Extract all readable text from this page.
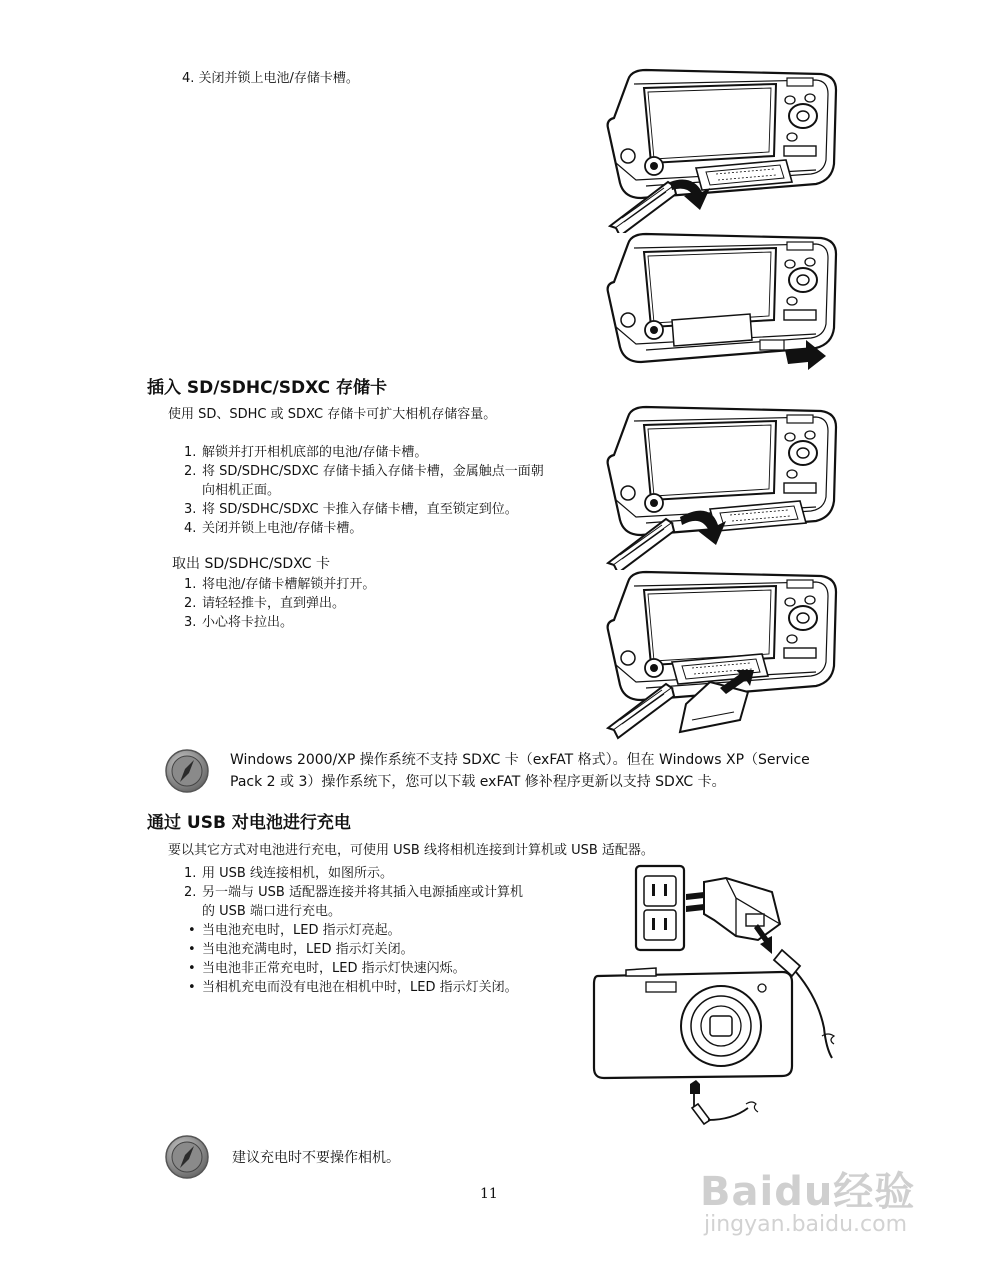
4. 关闭并锁上电池/存储卡槽。
插入 SD/SDHC/SDXC 存储卡
使用 SD、SDHC 或 SDXC 存储卡可扩大相机存储容量。
1. 解锁并打开相机底部的电池/存储卡槽。
2. 将 SD/SDHC/SDXC 存储卡插入存储卡槽，金属触点一面朝
向相机正面。
3. 将 SD/SDHC/SDXC 卡推入存储卡槽，直至锁定到位。
4. 关闭并锁上电池/存储卡槽。
取出 SD/SDHC/SDXC 卡
1. 将电池/存储卡槽解锁并打开。
2. 请轻轻推卡，直到弹出。
3. 小心将卡拉出。
Windows 2000/XP 操作系统不支持 SDXC 卡（exFAT 格式）。但在 Windows XP（Service
Pack 2 或 3）操作系统下，您可以下载 exFAT 修补程序更新以支持 SDXC 卡。
通过 USB 对电池进行充电
要以其它方式对电池进行充电，可使用 USB 线将相机连接到计算机或 USB 适配器。
1. 用 USB 线连接相机，如图所示。
2. 另一端与 USB 适配器连接并将其插入电源插座或计算机
的 USB 端口进行充电。
• 当电池充电时，LED 指示灯亮起。
• 当电池充满电时，LED 指示灯关闭。
• 当电池非正常充电时，LED 指示灯快速闪烁。
• 当相机充电而没有电池在相机中时，LED 指示灯关闭。
建议充电时不要操作相机。
11	Baidu经验
jingyan.baidu.com
